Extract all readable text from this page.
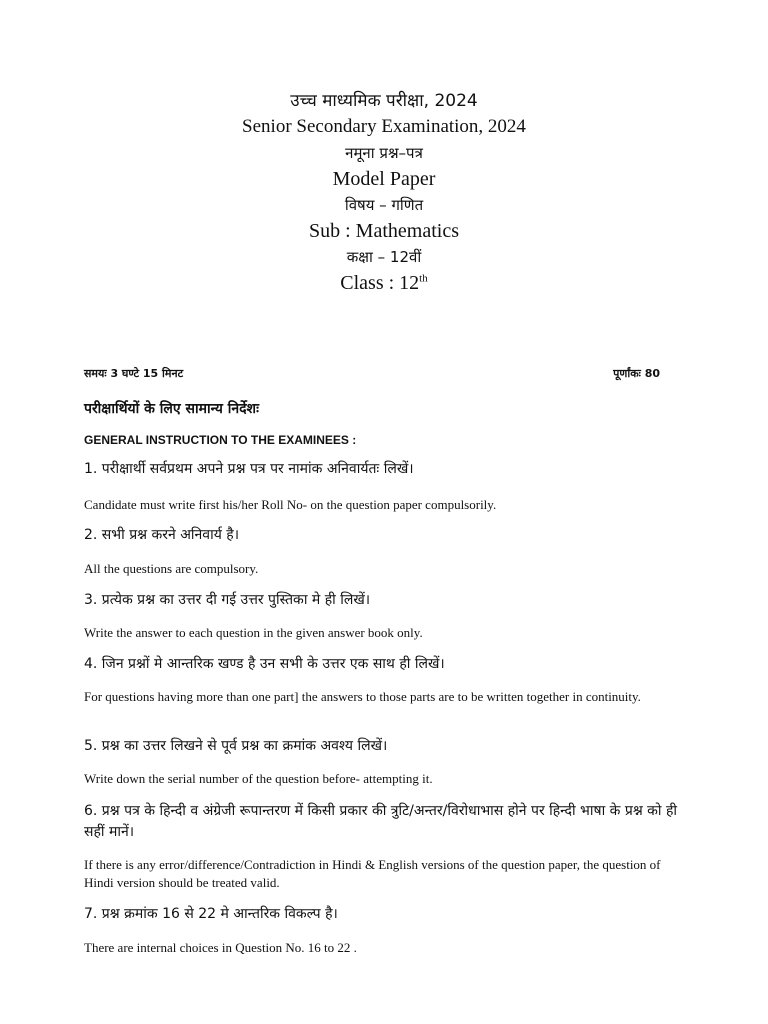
उच्च माध्यमिक परीक्षा, 2024
Senior Secondary Examination, 2024
नमूना प्रश्न–पत्र
Model Paper
विषय – गणित
Sub : Mathematics
कक्षा – 12वीं
Class : 12th
समयः 3 घण्टे 15 मिनट	पूर्णांकः 80
परीक्षार्थियों के लिए सामान्य निर्देशः
GENERAL INSTRUCTION TO THE EXAMINEES :
1. परीक्षार्थी सर्वप्रथम अपने प्रश्न पत्र पर नामांक अनिवार्यतः लिखें।
Candidate must write first his/her Roll No- on the question paper compulsorily.
2. सभी प्रश्न करने अनिवार्य है।
All the questions are compulsory.
3. प्रत्येक प्रश्न का उत्तर दी गई उत्तर पुस्तिका मे ही लिखें।
Write the answer to each question in the given answer book only.
4. जिन प्रश्नों मे आन्तरिक खण्ड है उन सभी के उत्तर एक साथ ही लिखें।
For questions having more than one part] the answers to those parts are to be written together in continuity.
5. प्रश्न का उत्तर लिखने से पूर्व प्रश्न का क्रमांक अवश्य लिखें।
Write down the serial number of the question before- attempting it.
6. प्रश्न पत्र के हिन्दी व अंग्रेजी रूपान्तरण में किसी प्रकार की त्रुटि/अन्तर/विरोधाभास होने पर हिन्दी भाषा के प्रश्न को ही सहीं मानें।
If there is any error/difference/Contradiction in Hindi & English versions of the question paper, the question of Hindi version should be treated valid.
7. प्रश्न क्रमांक 16 से 22 मे आन्तरिक विकल्प है।
There are internal choices in Question No. 16 to 22 .
